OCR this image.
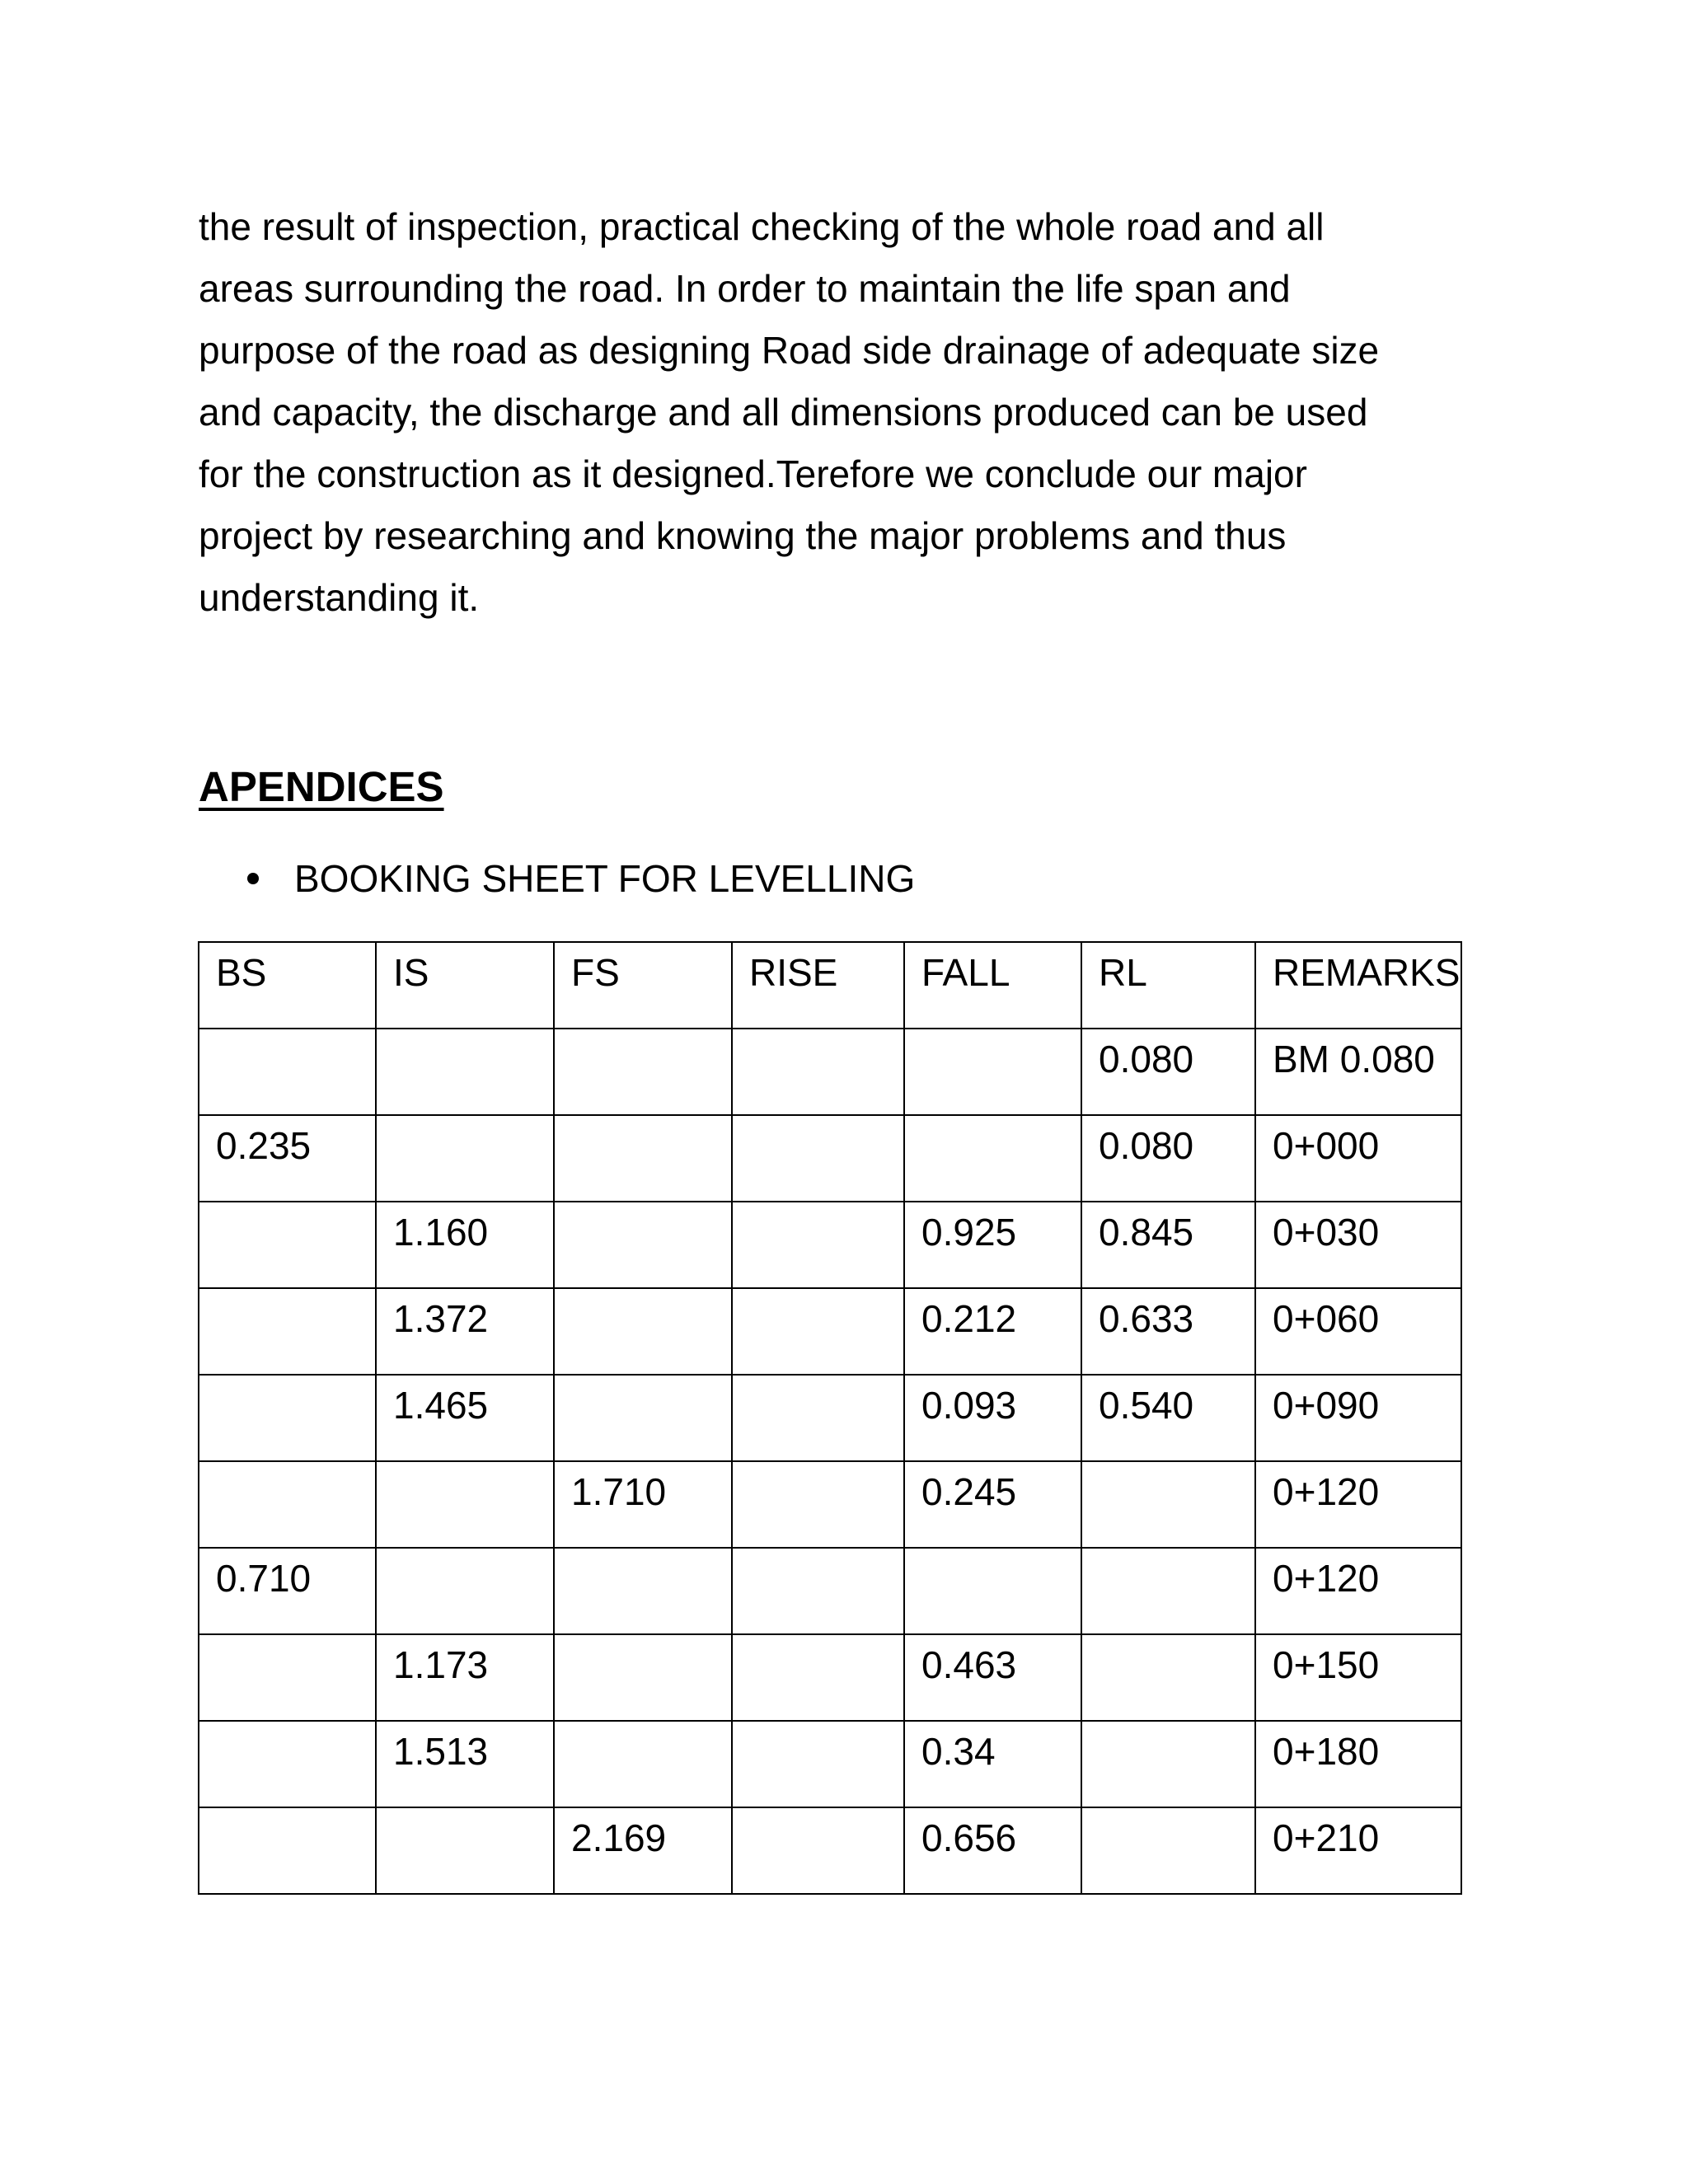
the result of inspection, practical checking of the whole road and all
areas surrounding the road. In order to maintain the life span and
purpose of the road as designing Road side drainage of adequate size
and capacity, the discharge and all dimensions produced can be used
for the construction as it designed.Terefore we conclude our major
project by researching and knowing the major problems and thus
understanding it.

APENDICES
BOOKING SHEET FOR LEVELLING
BS	IS	FS	RISE	FALL	RL	REMARKS
					0.080	BM 0.080
0.235					0.080	0+000
	1.160			0.925	0.845	0+030
	1.372			0.212	0.633	0+060
	1.465			0.093	0.540	0+090
		1.710		0.245		0+120
0.710						0+120
	1.173			0.463		0+150
	1.513			0.34		0+180
		2.169		0.656		0+210
